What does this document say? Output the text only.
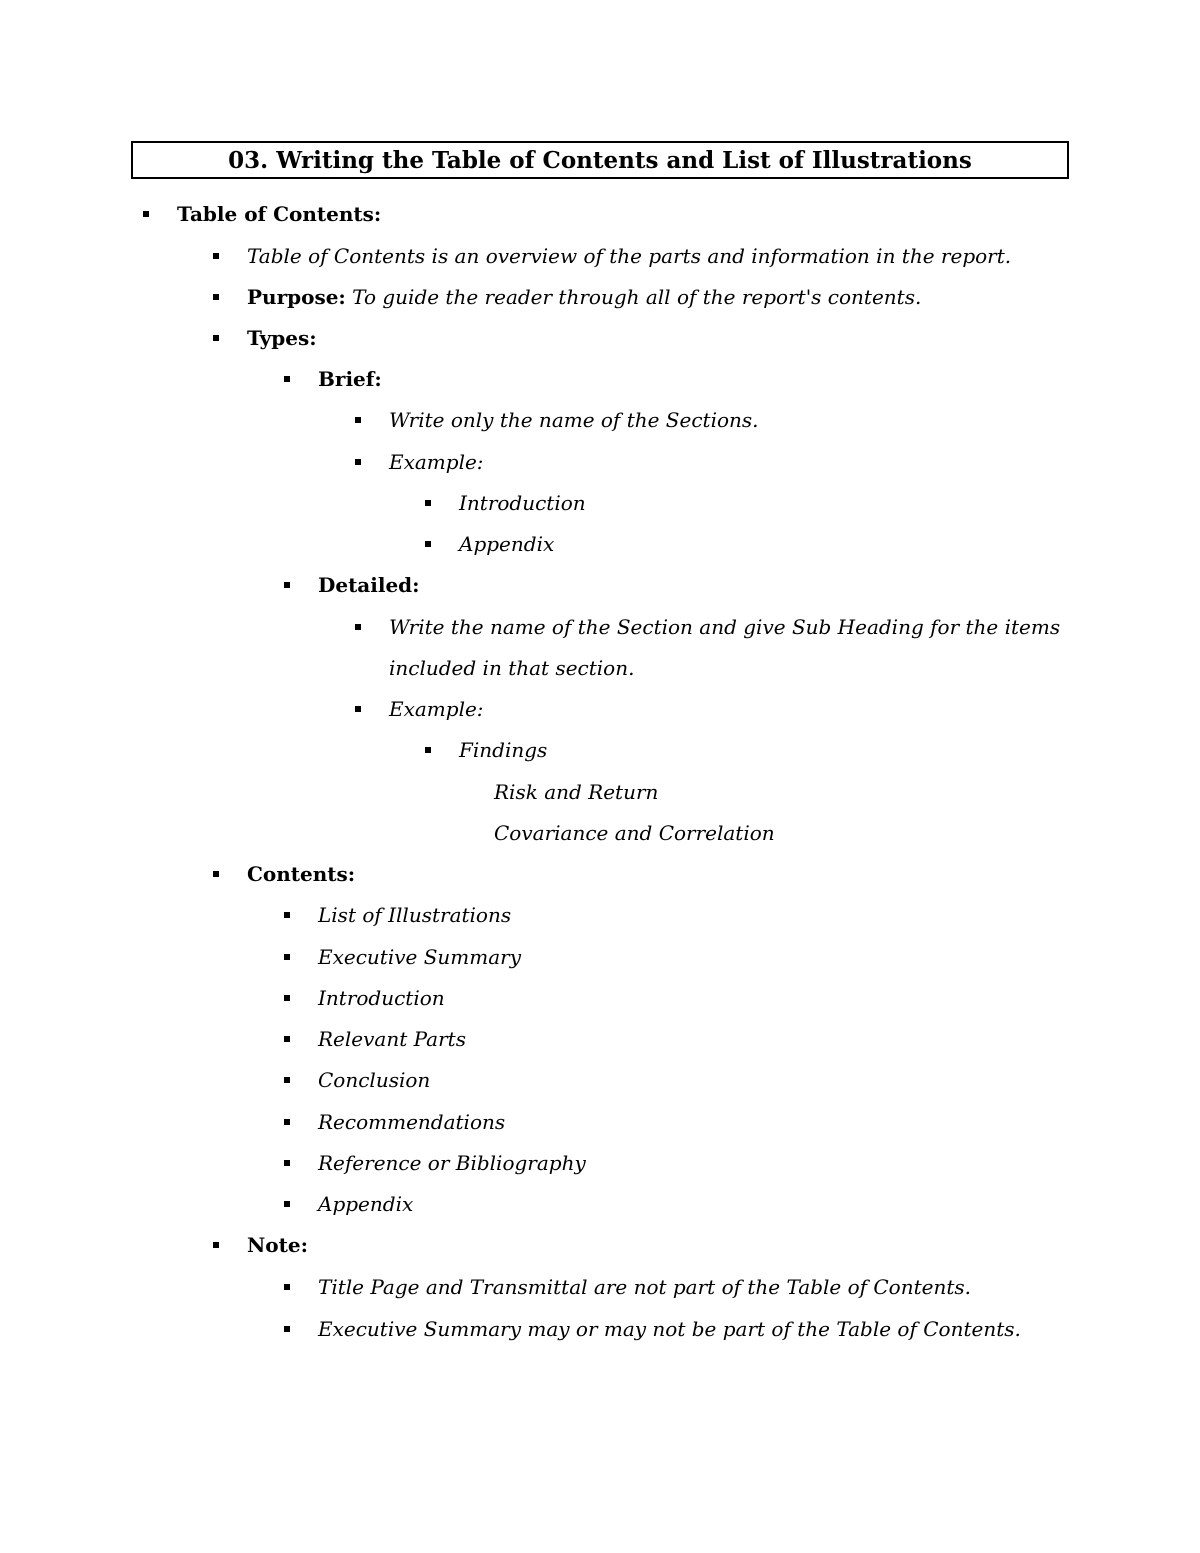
03. Writing the Table of Contents and List of Illustrations
Table of Contents:
Table of Contents is an overview of the parts and information in the report.
Purpose: To guide the reader through all of the report's contents.
Types:
Brief:
Write only the name of the Sections.
Example:
Introduction
Appendix
Detailed:
Write the name of the Section and give Sub Heading for the items
included in that section.
Example:
Findings
Risk and Return
Covariance and Correlation
Contents:
List of Illustrations
Executive Summary
Introduction
Relevant Parts
Conclusion
Recommendations
Reference or Bibliography
Appendix
Note:
Title Page and Transmittal are not part of the Table of Contents.
Executive Summary may or may not be part of the Table of Contents.
